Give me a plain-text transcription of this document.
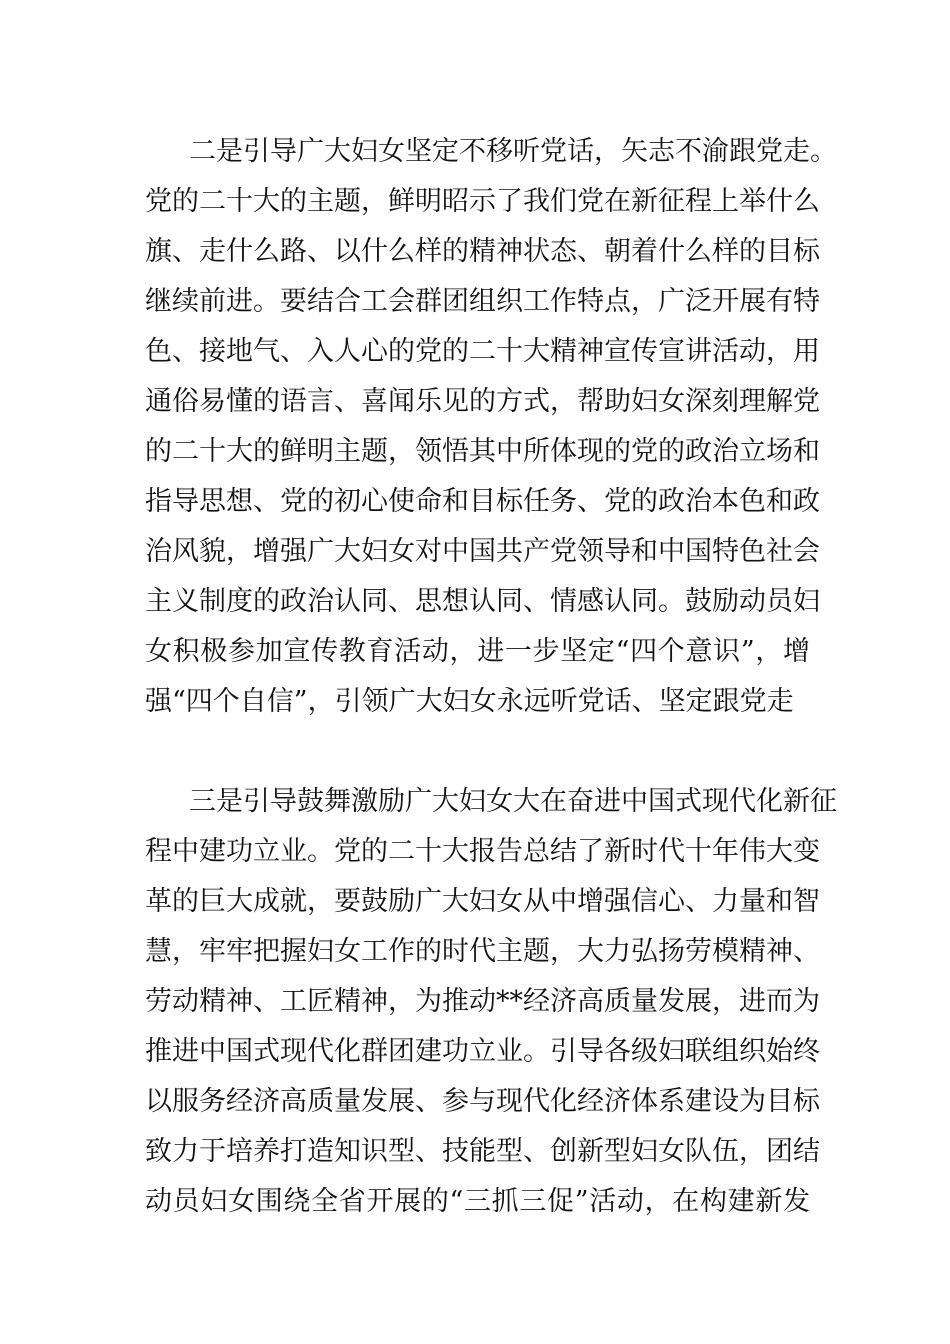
二是引导广大妇女坚定不移听党话，矢志不渝跟党走。
党的二十大的主题，鲜明昭示了我们党在新征程上举什么
旗、走什么路、以什么样的精神状态、朝着什么样的目标
继续前进。要结合工会群团组织工作特点，广泛开展有特
色、接地气、入人心的党的二十大精神宣传宣讲活动，用
通俗易懂的语言、喜闻乐见的方式，帮助妇女深刻理解党
的二十大的鲜明主题，领悟其中所体现的党的政治立场和
指导思想、党的初心使命和目标任务、党的政治本色和政
治风貌，增强广大妇女对中国共产党领导和中国特色社会
主义制度的政治认同、思想认同、情感认同。鼓励动员妇
女积极参加宣传教育活动，进一步坚定“四个意识”，增
强“四个自信”，引领广大妇女永远听党话、坚定跟党走
三是引导鼓舞激励广大妇女大在奋进中国式现代化新征
程中建功立业。党的二十大报告总结了新时代十年伟大变
革的巨大成就，要鼓励广大妇女从中增强信心、力量和智
慧，牢牢把握妇女工作的时代主题，大力弘扬劳模精神、
劳动精神、工匠精神，为推动**经济高质量发展，进而为
推进中国式现代化群团建功立业。引导各级妇联组织始终
以服务经济高质量发展、参与现代化经济体系建设为目标
致力于培养打造知识型、技能型、创新型妇女队伍，团结
动员妇女围绕全省开展的“三抓三促”活动，在构建新发
